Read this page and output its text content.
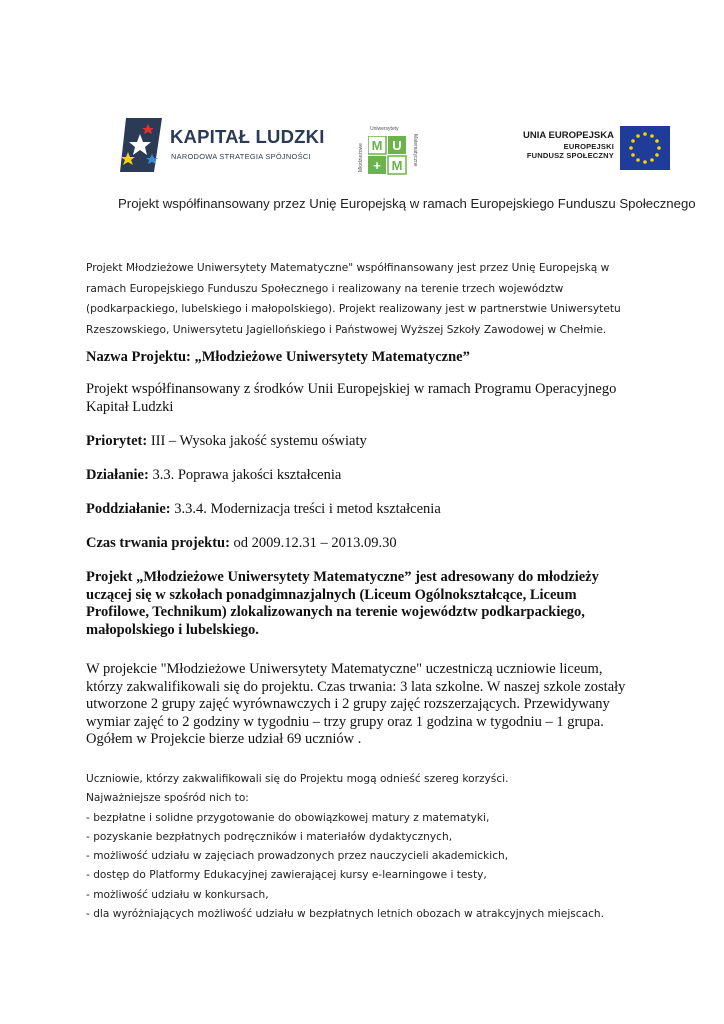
KAPITAŁ LUDZKI
NARODOWA STRATEGIA SPÓJNOŚCI
Uniwersytety
Młodzieżowe	Matematyczne
M U
+ M
UNIA EUROPEJSKA
EUROPEJSKI
FUNDUSZ SPOŁECZNY
Projekt współfinansowany przez Unię Europejską w ramach Europejskiego Funduszu Społecznego
Projekt Młodzieżowe Uniwersytety Matematyczne" współfinansowany jest przez Unię Europejską w
ramach Europejskiego Funduszu Społecznego i realizowany na terenie trzech województw
(podkarpackiego, lubelskiego i małopolskiego). Projekt realizowany jest w partnerstwie Uniwersytetu
Rzeszowskiego, Uniwersytetu Jagiellońskiego i Państwowej Wyższej Szkoły Zawodowej w Chełmie.
Nazwa Projektu: „Młodzieżowe Uniwersytety Matematyczne”
Projekt współfinansowany z środków Unii Europejskiej w ramach Programu Operacyjnego
Kapitał Ludzki
Priorytet: III – Wysoka jakość systemu oświaty
Działanie: 3.3. Poprawa jakości kształcenia
Poddziałanie: 3.3.4. Modernizacja treści i metod kształcenia
Czas trwania projektu: od 2009.12.31 – 2013.09.30
Projekt „Młodzieżowe Uniwersytety Matematyczne” jest adresowany do młodzieży
uczącej się w szkołach ponadgimnazjalnych (Liceum Ogólnokształcące, Liceum
Profilowe, Technikum) zlokalizowanych na terenie województw podkarpackiego,
małopolskiego i lubelskiego.
W projekcie "Młodzieżowe Uniwersytety Matematyczne" uczestniczą uczniowie liceum,
którzy zakwalifikowali się do projektu. Czas trwania: 3 lata szkolne. W naszej szkole zostały
utworzone 2 grupy zajęć wyrównawczych i 2 grupy zajęć rozszerzających. Przewidywany
wymiar zajęć to 2 godziny w tygodniu – trzy grupy oraz 1 godzina w tygodniu – 1 grupa.
Ogółem w Projekcie bierze udział 69 uczniów .
Uczniowie, którzy zakwalifikowali się do Projektu mogą odnieść szereg korzyści.
Najważniejsze spośród nich to:
- bezpłatne i solidne przygotowanie do obowiązkowej matury z matematyki,
- pozyskanie bezpłatnych podręczników i materiałów dydaktycznych,
- możliwość udziału w zajęciach prowadzonych przez nauczycieli akademickich,
- dostęp do Platformy Edukacyjnej zawierającej kursy e-learningowe i testy,
- możliwość udziału w konkursach,
- dla wyróżniających możliwość udziału w bezpłatnych letnich obozach w atrakcyjnych miejscach.
